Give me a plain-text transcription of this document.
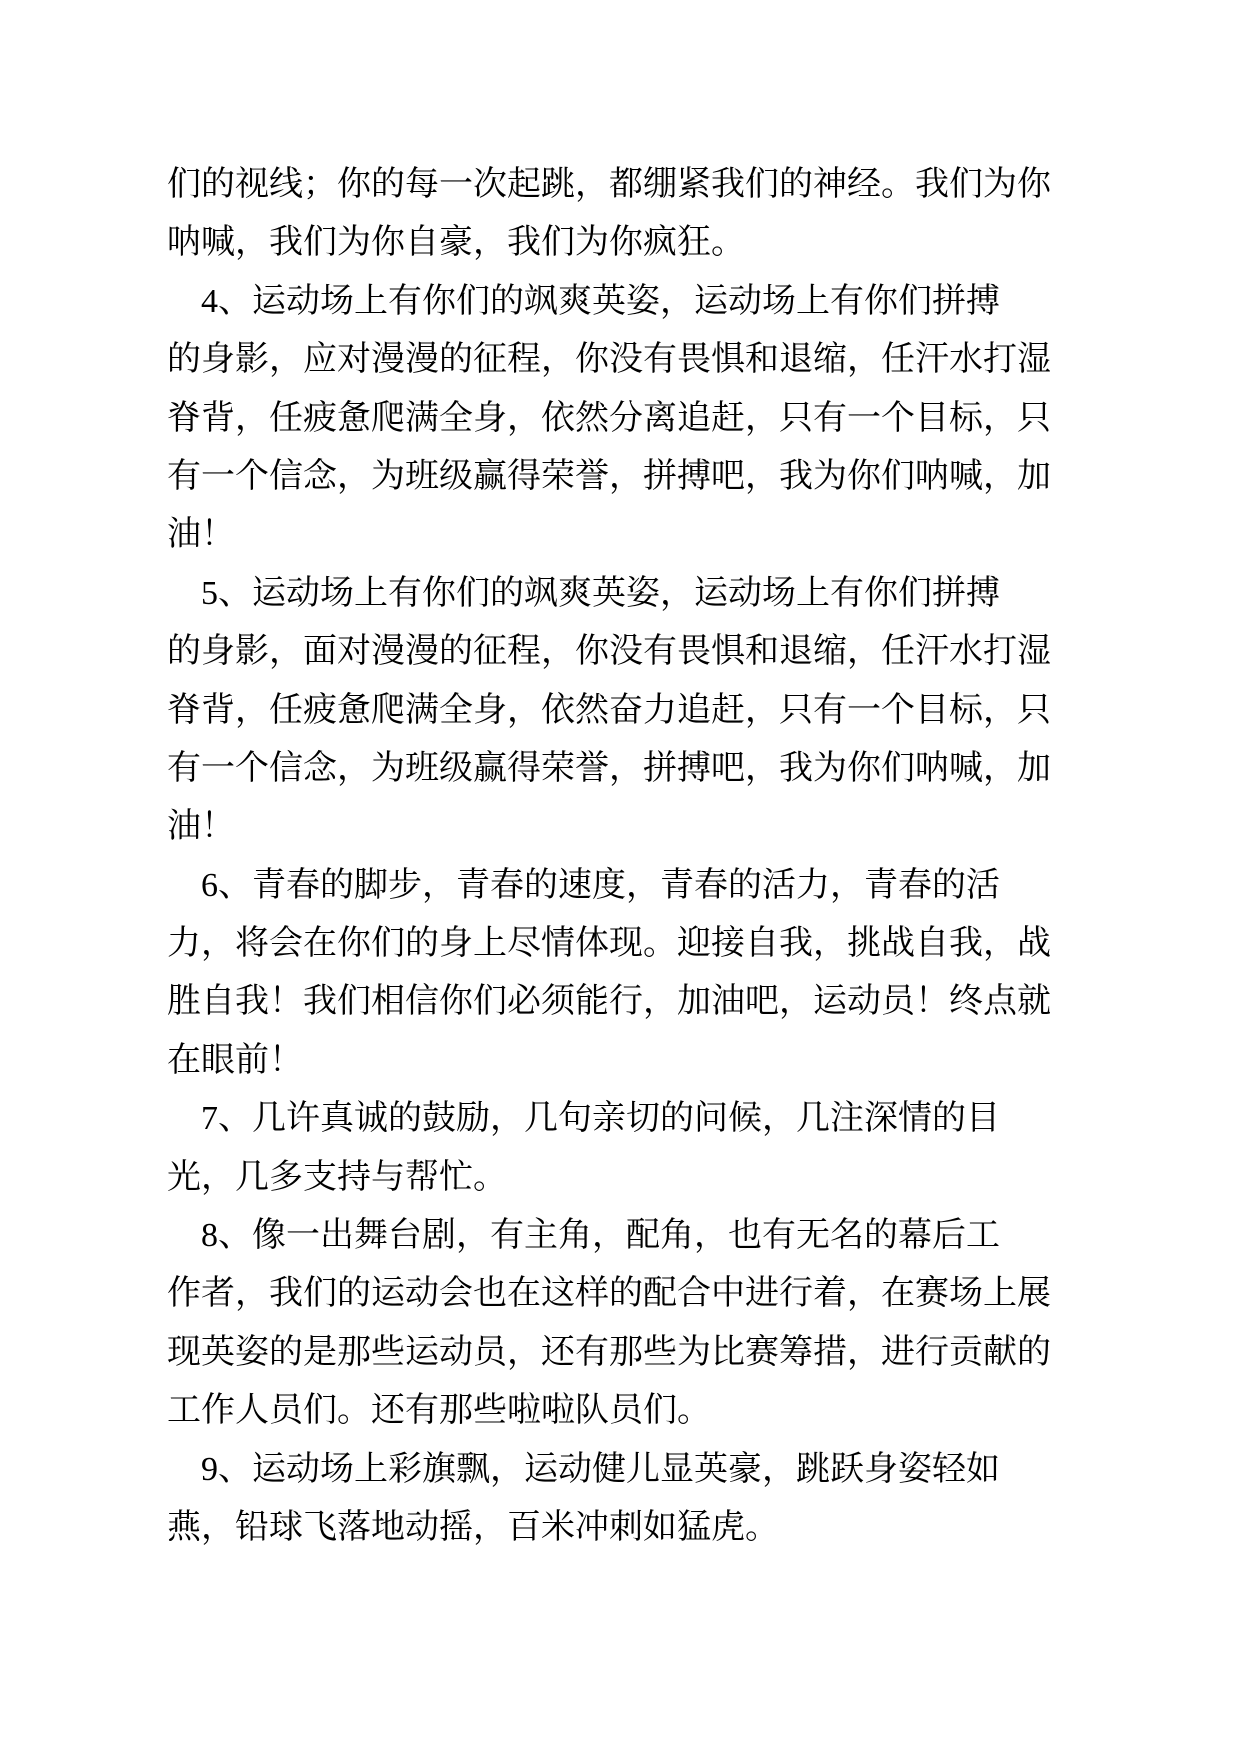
们的视线；你的每一次起跳，都绷紧我们的神经。我们为你
呐喊，我们为你自豪，我们为你疯狂。
　4、运动场上有你们的飒爽英姿，运动场上有你们拼搏
的身影，应对漫漫的征程，你没有畏惧和退缩，任汗水打湿
脊背，任疲惫爬满全身，依然分离追赶，只有一个目标，只
有一个信念，为班级赢得荣誉，拼搏吧，我为你们呐喊，加
油！
　5、运动场上有你们的飒爽英姿，运动场上有你们拼搏
的身影，面对漫漫的征程，你没有畏惧和退缩，任汗水打湿
脊背，任疲惫爬满全身，依然奋力追赶，只有一个目标，只
有一个信念，为班级赢得荣誉，拼搏吧，我为你们呐喊，加
油！
　6、青春的脚步，青春的速度，青春的活力，青春的活
力，将会在你们的身上尽情体现。迎接自我，挑战自我，战
胜自我！我们相信你们必须能行，加油吧，运动员！终点就
在眼前！
　7、几许真诚的鼓励，几句亲切的问候，几注深情的目
光，几多支持与帮忙。
　8、像一出舞台剧，有主角，配角，也有无名的幕后工
作者，我们的运动会也在这样的配合中进行着，在赛场上展
现英姿的是那些运动员，还有那些为比赛筹措，进行贡献的
工作人员们。还有那些啦啦队员们。
　9、运动场上彩旗飘，运动健儿显英豪，跳跃身姿轻如
燕，铅球飞落地动摇，百米冲刺如猛虎。
